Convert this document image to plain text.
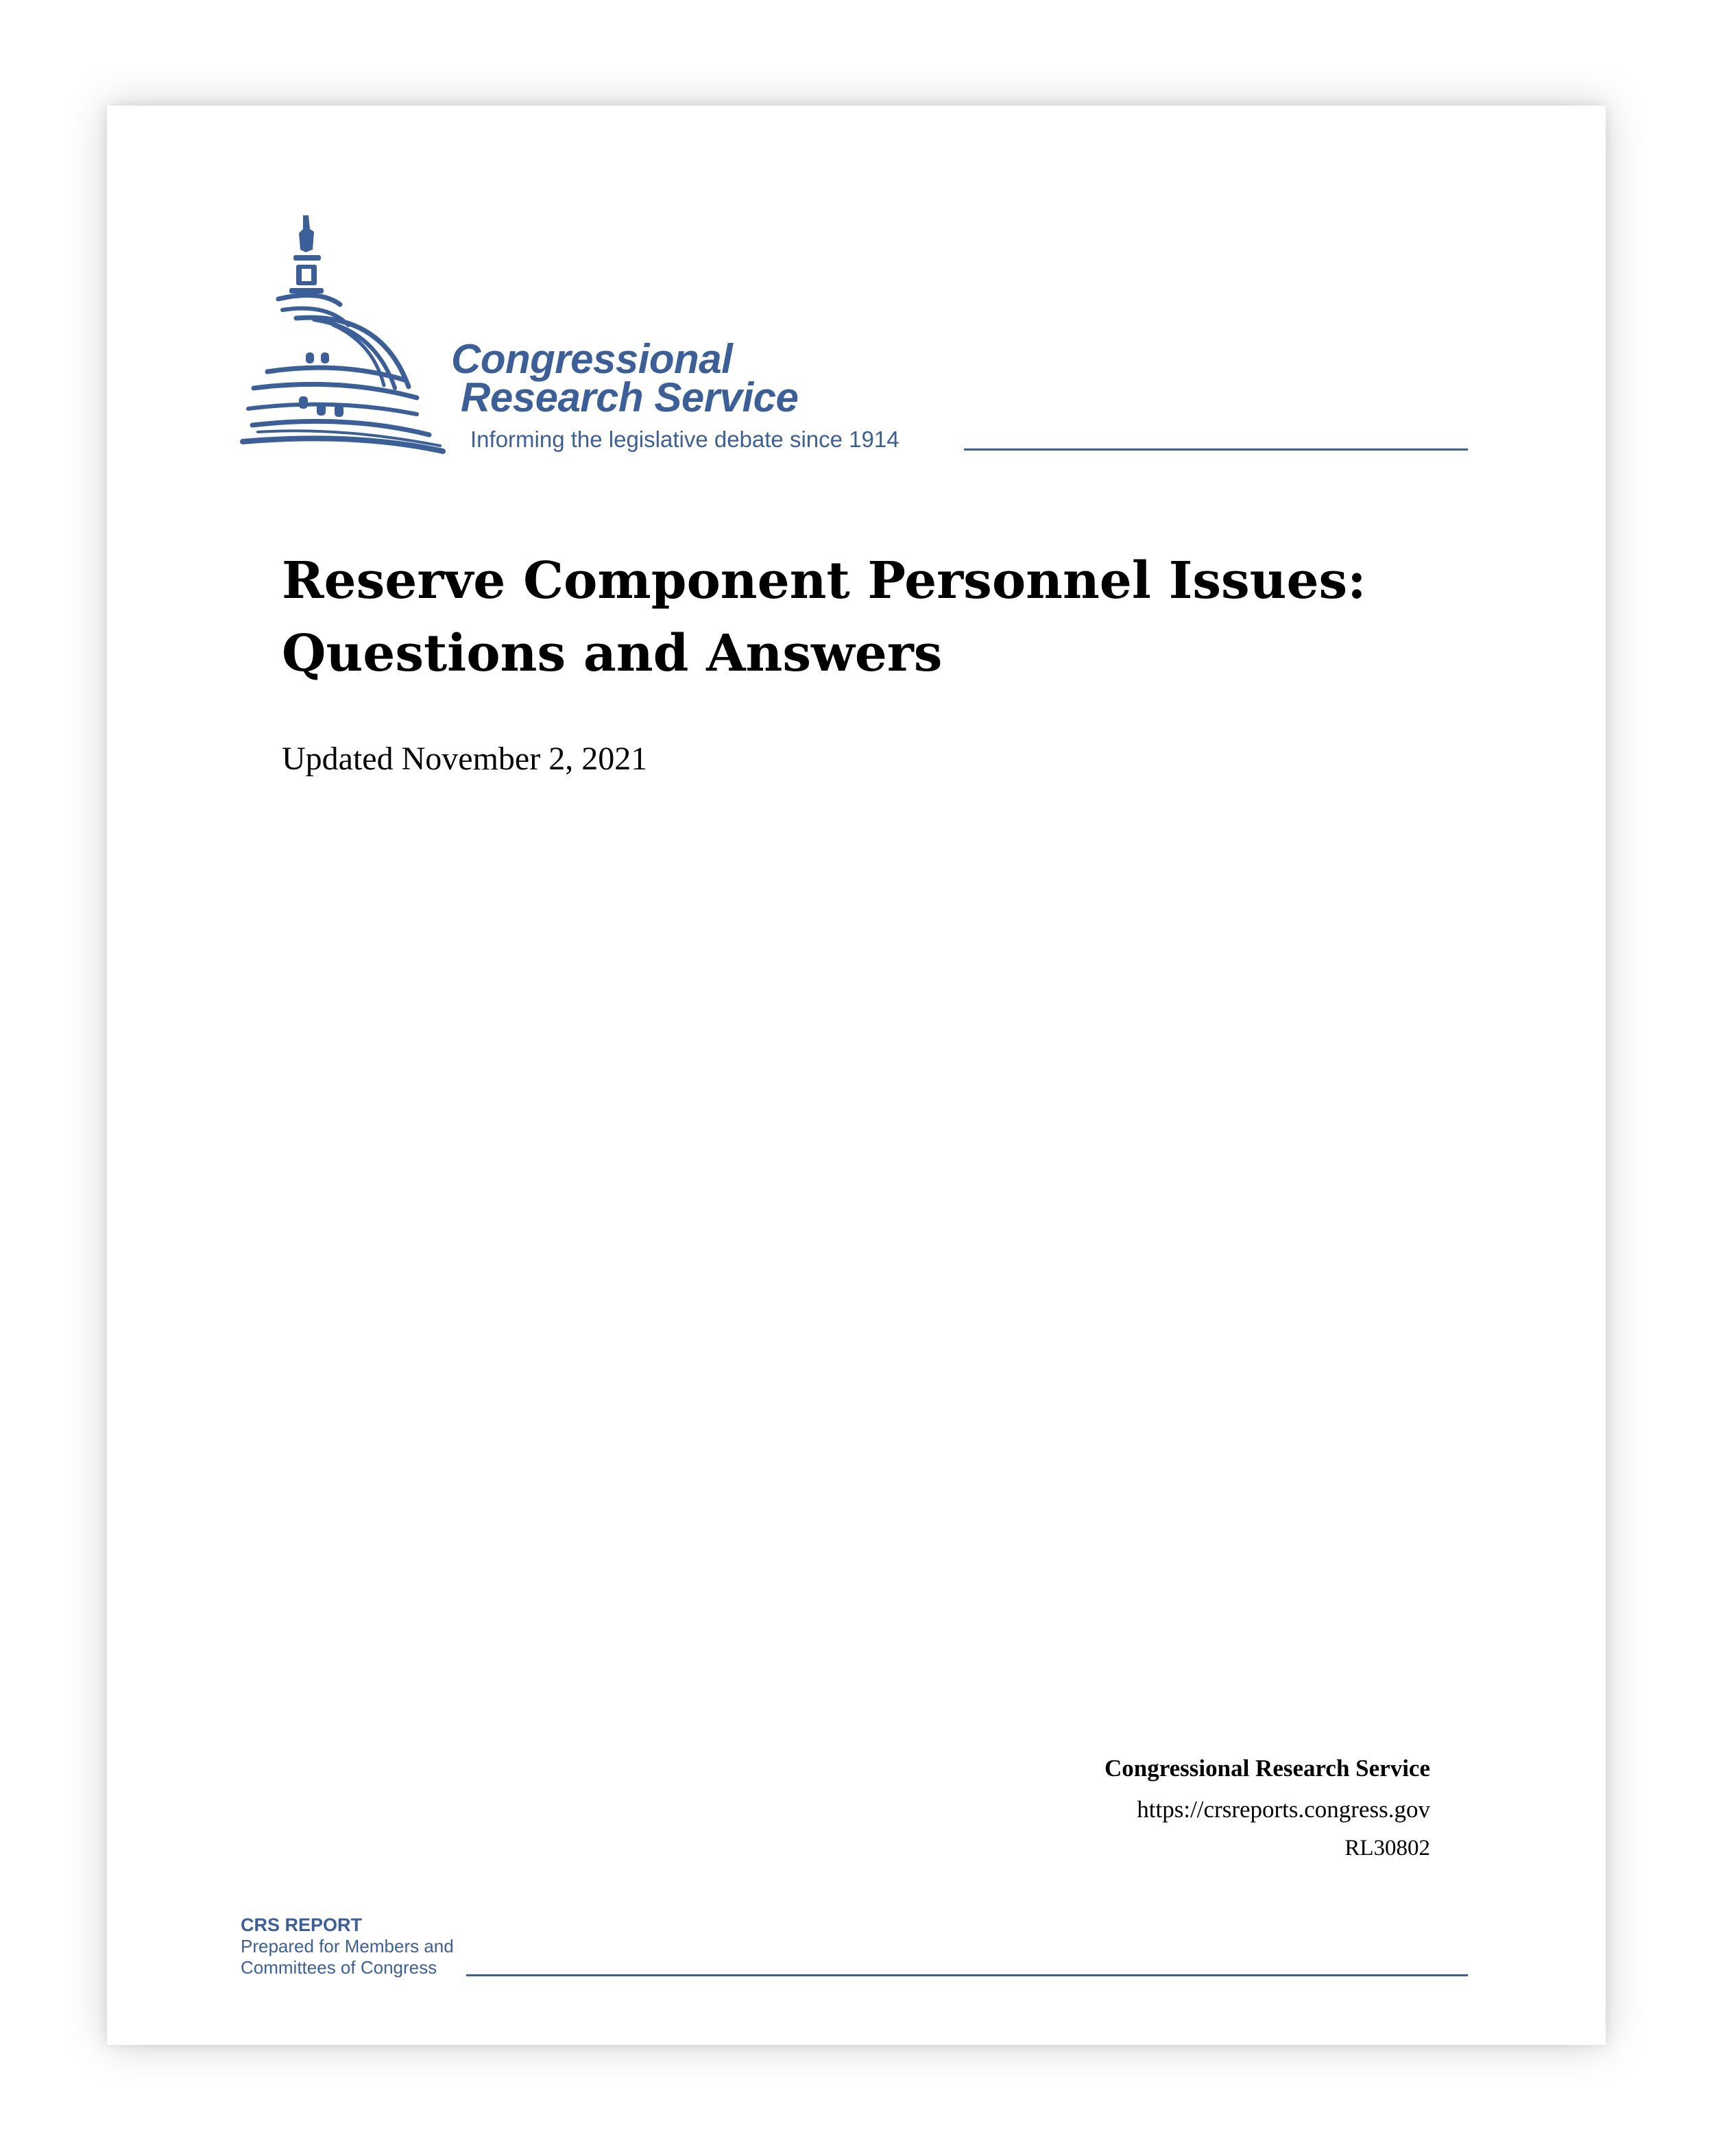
Congressional
Research Service
Informing the legislative debate since 1914
Reserve Component Personnel Issues:
Questions and Answers
Updated November 2, 2021
Congressional Research Service
https://crsreports.congress.gov
RL30802
CRS REPORT
Prepared for Members and
Committees of Congress
